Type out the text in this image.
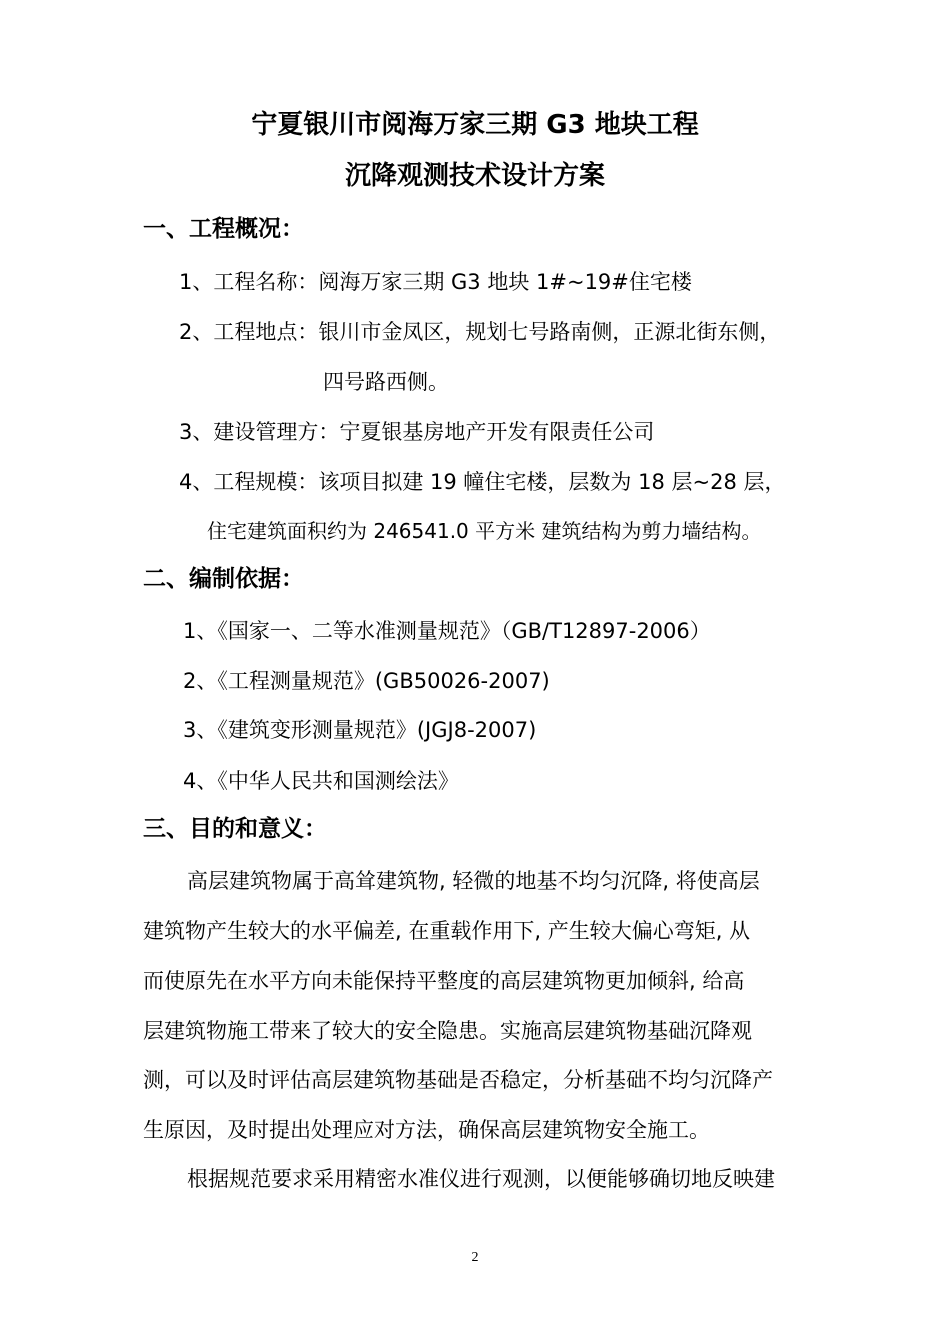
宁夏银川市阅海万家三期 G3 地块工程
沉降观测技术设计方案
一、工程概况：
1、工程名称：阅海万家三期 G3 地块 1#~19#住宅楼
2、工程地点：银川市金凤区，规划七号路南侧，正源北街东侧，
四号路西侧。
3、建设管理方：宁夏银基房地产开发有限责任公司
4、工程规模：该项目拟建 19 幢住宅楼，层数为 18 层~28 层，
住宅建筑面积约为 246541.0 平方米 建筑结构为剪力墙结构。
二、编制依据：
1、《国家一、二等水准测量规范》（GB/T12897-2006）
2、《工程测量规范》(GB50026-2007)
3、《建筑变形测量规范》(JGJ8-2007)
4、《中华人民共和国测绘法》
三、目的和意义：
高层建筑物属于高耸建筑物, 轻微的地基不均匀沉降, 将使高层
建筑物产生较大的水平偏差, 在重载作用下, 产生较大偏心弯矩, 从
而使原先在水平方向未能保持平整度的高层建筑物更加倾斜, 给高
层建筑物施工带来了较大的安全隐患。实施高层建筑物基础沉降观
测，可以及时评估高层建筑物基础是否稳定，分析基础不均匀沉降产
生原因，及时提出处理应对方法，确保高层建筑物安全施工。
根据规范要求采用精密水准仪进行观测，以便能够确切地反映建
2
